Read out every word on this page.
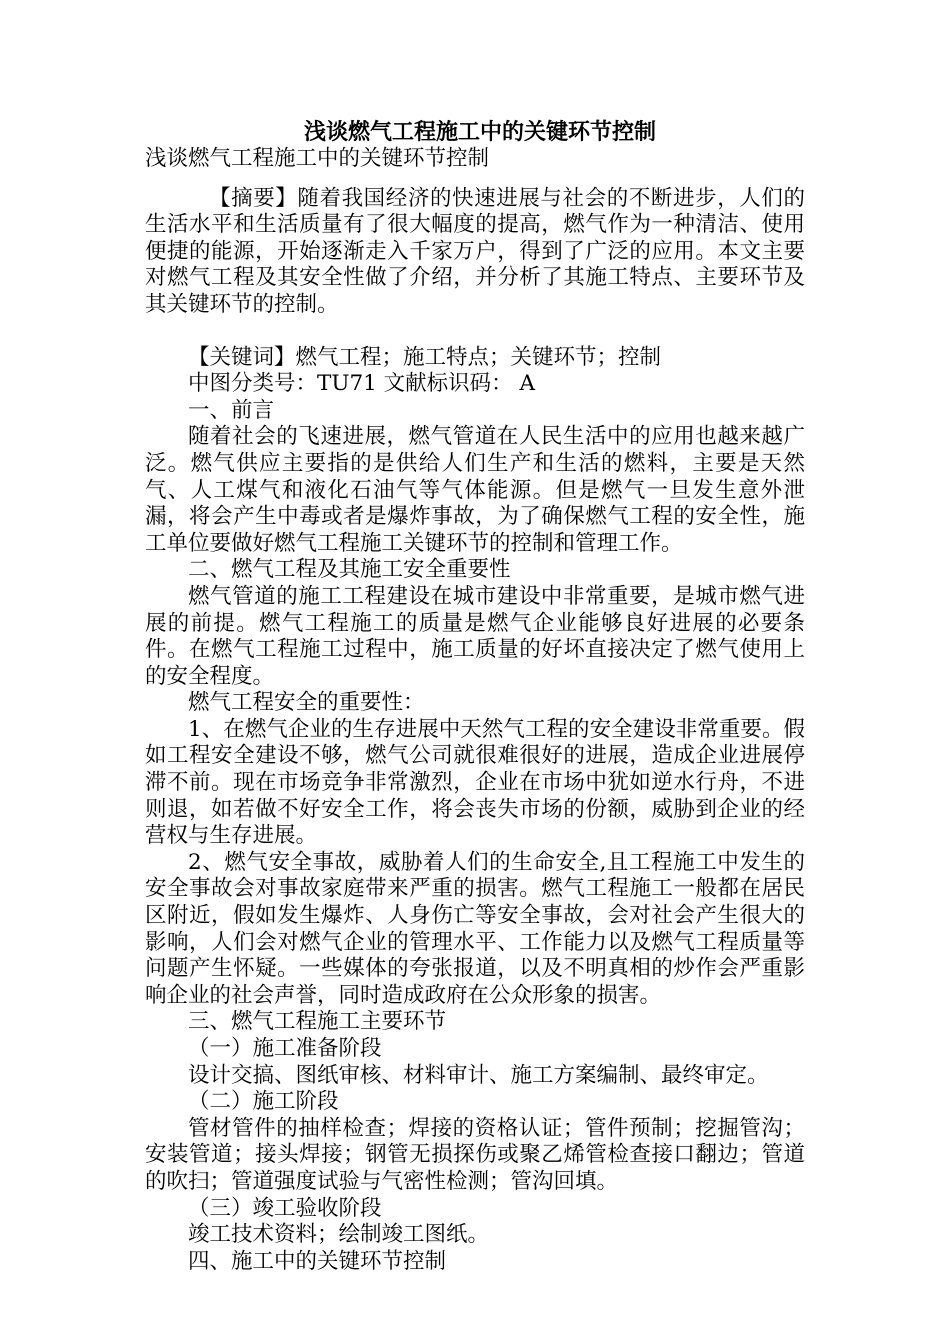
浅谈燃气工程施工中的关键环节控制

浅谈燃气工程施工中的关键环节控制

【摘要】随着我国经济的快速进展与社会的不断进步，人们的生活水平和生活质量有了很大幅度的提高，燃气作为一种清洁、使用便捷的能源，开始逐渐走入千家万户，得到了广泛的应用。本文主要对燃气工程及其安全性做了介绍，并分析了其施工特点、主要环节及其关键环节的控制。

【关键词】燃气工程；施工特点；关键环节；控制

中图分类号：TU71 文献标识码： A

一、前言

随着社会的飞速进展，燃气管道在人民生活中的应用也越来越广泛。燃气供应主要指的是供给人们生产和生活的燃料，主要是天然气、人工煤气和液化石油气等气体能源。但是燃气一旦发生意外泄漏，将会产生中毒或者是爆炸事故，为了确保燃气工程的安全性，施工单位要做好燃气工程施工关键环节的控制和管理工作。

二、燃气工程及其施工安全重要性

燃气管道的施工工程建设在城市建设中非常重要，是城市燃气进展的前提。燃气工程施工的质量是燃气企业能够良好进展的必要条件。在燃气工程施工过程中，施工质量的好坏直接决定了燃气使用上的安全程度。

燃气工程安全的重要性：

1、在燃气企业的生存进展中天然气工程的安全建设非常重要。假如工程安全建设不够，燃气公司就很难很好的进展，造成企业进展停滞不前。现在市场竞争非常激烈，企业在市场中犹如逆水行舟，不进则退，如若做不好安全工作，将会丧失市场的份额，威胁到企业的经营权与生存进展。

2、燃气安全事故，威胁着人们的生命安全,且工程施工中发生的安全事故会对事故家庭带来严重的损害。燃气工程施工一般都在居民区附近，假如发生爆炸、人身伤亡等安全事故，会对社会产生很大的影响，人们会对燃气企业的管理水平、工作能力以及燃气工程质量等问题产生怀疑。一些媒体的夸张报道，以及不明真相的炒作会严重影响企业的社会声誉，同时造成政府在公众形象的损害。

三、燃气工程施工主要环节

（一）施工准备阶段

设计交搞、图纸审核、材料审计、施工方案编制、最终审定。

（二）施工阶段

管材管件的抽样检查；焊接的资格认证；管件预制；挖掘管沟；安装管道；接头焊接；钢管无损探伤或聚乙烯管检查接口翻边；管道的吹扫；管道强度试验与气密性检测；管沟回填。

（三）竣工验收阶段

竣工技术资料；绘制竣工图纸。

四、施工中的关键环节控制
